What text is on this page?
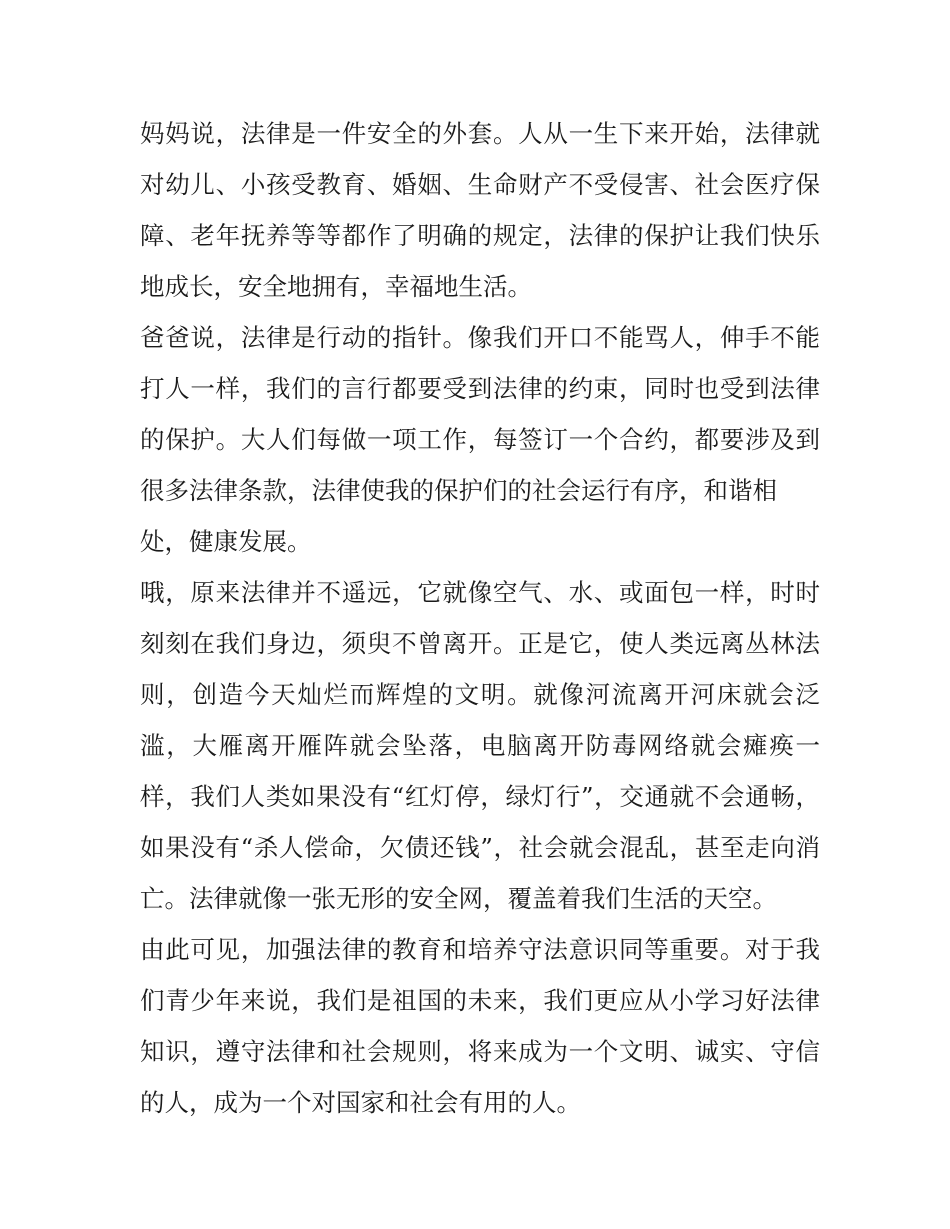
妈妈说，法律是一件安全的外套。人从一生下来开始，法律就
对幼儿、小孩受教育、婚姻、生命财产不受侵害、社会医疗保
障、老年抚养等等都作了明确的规定，法律的保护让我们快乐
地成长，安全地拥有，幸福地生活。
爸爸说，法律是行动的指针。像我们开口不能骂人，伸手不能
打人一样，我们的言行都要受到法律的约束，同时也受到法律
的保护。大人们每做一项工作，每签订一个合约，都要涉及到
很多法律条款，法律使我的保护们的社会运行有序，和谐相
处，健康发展。
哦，原来法律并不遥远，它就像空气、水、或面包一样，时时
刻刻在我们身边，须臾不曾离开。正是它，使人类远离丛林法
则，创造今天灿烂而辉煌的文明。就像河流离开河床就会泛
滥，大雁离开雁阵就会坠落，电脑离开防毒网络就会瘫痪一
样，我们人类如果没有“红灯停，绿灯行”，交通就不会通畅，
如果没有“杀人偿命，欠债还钱”，社会就会混乱，甚至走向消
亡。法律就像一张无形的安全网，覆盖着我们生活的天空。
由此可见，加强法律的教育和培养守法意识同等重要。对于我
们青少年来说，我们是祖国的未来，我们更应从小学习好法律
知识，遵守法律和社会规则，将来成为一个文明、诚实、守信
的人，成为一个对国家和社会有用的人。
